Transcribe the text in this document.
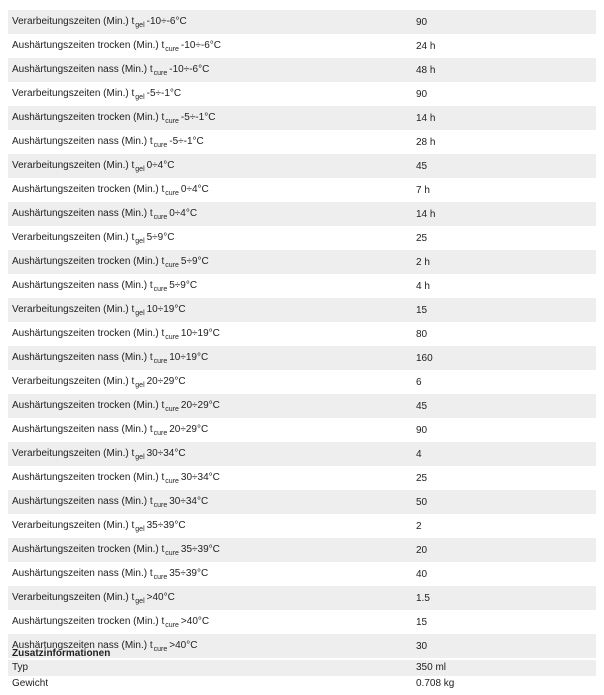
Verarbeitungszeiten (Min.) $t_{gel}$ -10÷-6°C	90
Aushärtungszeiten trocken (Min.) $t_{cure}$ -10÷-6°C	24 h
Aushärtungszeiten nass (Min.) $t_{cure}$ -10÷-6°C	48 h
Verarbeitungszeiten (Min.) $t_{gel}$ -5÷-1°C	90
Aushärtungszeiten trocken (Min.) $t_{cure}$ -5÷-1°C	14 h
Aushärtungszeiten nass (Min.) $t_{cure}$ -5÷-1°C	28 h
Verarbeitungszeiten (Min.) $t_{gel}$ 0÷4°C	45
Aushärtungszeiten trocken (Min.) $t_{cure}$ 0÷4°C	7 h
Aushärtungszeiten nass (Min.) $t_{cure}$ 0÷4°C	14 h
Verarbeitungszeiten (Min.) $t_{gel}$ 5÷9°C	25
Aushärtungszeiten trocken (Min.) $t_{cure}$ 5÷9°C	2 h
Aushärtungszeiten nass (Min.) $t_{cure}$ 5÷9°C	4 h
Verarbeitungszeiten (Min.) $t_{gel}$ 10÷19°C	15
Aushärtungszeiten trocken (Min.) $t_{cure}$ 10÷19°C	80
Aushärtungszeiten nass (Min.) $t_{cure}$ 10÷19°C	160
Verarbeitungszeiten (Min.) $t_{gel}$ 20÷29°C	6
Aushärtungszeiten trocken (Min.) $t_{cure}$ 20÷29°C	45
Aushärtungszeiten nass (Min.) $t_{cure}$ 20÷29°C	90
Verarbeitungszeiten (Min.) $t_{gel}$ 30÷34°C	4
Aushärtungszeiten trocken (Min.) $t_{cure}$ 30÷34°C	25
Aushärtungszeiten nass (Min.) $t_{cure}$ 30÷34°C	50
Verarbeitungszeiten (Min.) $t_{gel}$ 35÷39°C	2
Aushärtungszeiten trocken (Min.) $t_{cure}$ 35÷39°C	20
Aushärtungszeiten nass (Min.) $t_{cure}$ 35÷39°C	40
Verarbeitungszeiten (Min.) $t_{gel} >40^\circ C$	1.5
Aushärtungszeiten trocken (Min.) $t_{cure} >40^\circ C$	15
Aushärtungszeiten nass (Min.) $t_{cure} >40^\circ C$	30
Zusatzinformationen
Typ	350 ml
Gewicht	0.708 kg
